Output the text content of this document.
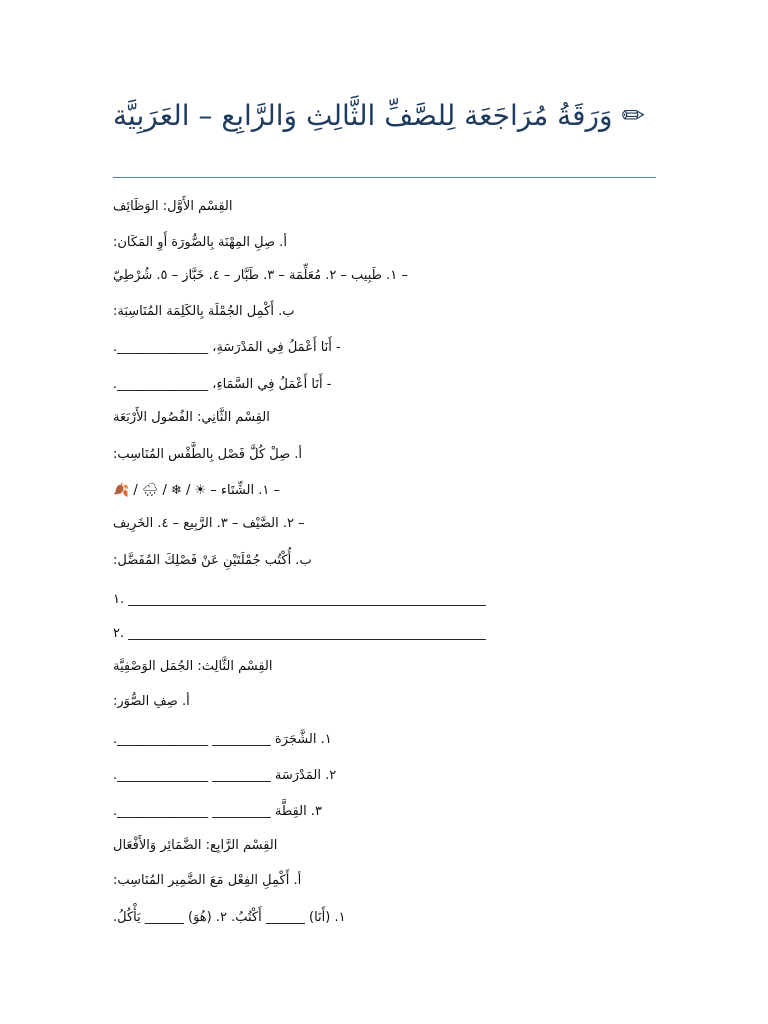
✏ وَرَقَةُ مُرَاجَعَة لِلصَّفِّ الثَّالِثِ وَالرَّابِع – العَرَبِيَّة
القِسْم الأَوَّل: الوَظَائِف
أ. صِلِ المِهْنَة بِالصُّورَة أَوِ المَكَان:
– ١. طَبِيب – ٢. مُعَلِّمَة – ٣. طَبَّار – ٤. خَبَّاز – ٥. شُرْطِيّ
ب. أَكْمِل الجُمْلَة بِالكَلِمَة المُنَاسِبَة:
- أَنَا أَعْمَلُ فِي المَدْرَسَةِ، ______________.
- أَنَا أَعْمَلُ فِي السَّمَاءِ، ______________.
القِسْم الثَّانِي: الفُصُول الأَرْبَعَة
أ. صِلْ كُلَّ فَصْل بِالطَّقْس المُنَاسِب:
– ١. الشِّتَاء – ☀ / ❄ / 🌧 / 🍂
– ٢. الصَّيْف – ٣. الرَّبِيع – ٤. الخَرِيف
ب. أُكْتُب جُمْلَتَيْنِ عَنْ فَصْلِكَ المُفَضَّل:
١. _______________________________________________________
٢. _______________________________________________________
القِسْم الثَّالِث: الجُمَل الوَصْفِيَّة
أ. صِفِ الصُّوَر:
١. الشَّجَرَة _________ ______________.
٢. المَدْرَسَة _________ ______________.
٣. القِطَّة _________ ______________.
القِسْم الرَّابِع: الضَّمَائِر وَالأَفْعَال
أ. أَكْمِلِ الفِعْل مَعَ الضَّمِير المُنَاسِب:
١. (أَنَا) ______ أَكْتُبُ. ٢. (هُوَ) ______ يَأْكُلُ.
